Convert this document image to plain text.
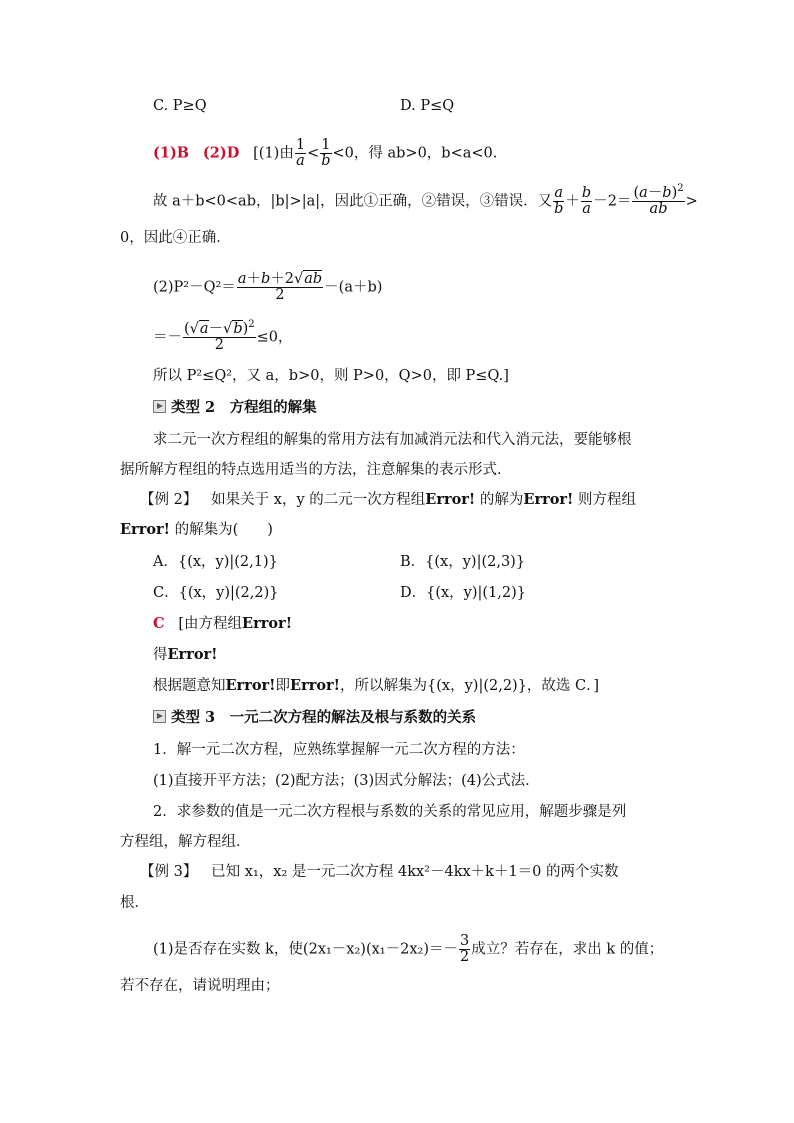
C. P≥Q	D. P≤Q
(1)B (2)D [(1)由 $\frac{1}{a} < \frac{1}{b} <0$，得 ab>0，b<a<0.
故 a＋b<0<ab，|b|>|a|，因此①正确，②错误，③错误．又 $\frac{a}{b} + \frac{b}{a} -2= \frac{(a-b)^2}{ab}$ >
0，因此④正确．
$(2)P^2-Q^2= \frac{a+b+2√ab}{2} -(a+b)$
＝－ $\frac{(√a-√b)^2}{2} \le 0$，
所以 P²≤Q²，又 a，b>0，则 P>0，Q>0，即 P≤Q.]
类型 2　方程组的解集
求二元一次方程组的解集的常用方法有加减消元法和代入消元法，要能够根
据所解方程组的特点选用适当的方法，注意解集的表示形式．
【例 2】 如果关于 x，y 的二元一次方程组Error! 的解为Error! 则方程组
Error! 的解集为(　　)
A．{(x，y)|(2,1)}	B．{(x，y)|(2,3)}
C．{(x，y)|(2,2)}	D．{(x，y)|(1,2)}
C [由方程组Error!
得Error!
根据题意知Error!即Error!，所以解集为{(x，y)|(2,2)}，故选 C．]
类型 3　一元二次方程的解法及根与系数的关系
1．解一元二次方程，应熟练掌握解一元二次方程的方法：
(1)直接开平方法；(2)配方法；(3)因式分解法；(4)公式法．
2．求参数的值是一元二次方程根与系数的关系的常见应用，解题步骤是列
方程组，解方程组．
【例 3】 已知 x₁，x₂ 是一元二次方程 4kx²－4kx＋k＋1＝0 的两个实数
根．
(1)是否存在实数 k，使$(2x_1-x_2)(x_1-2x_2)=- \frac{3}{2}$ 成立？若存在，求出 k 的值；
若不存在，请说明理由；
